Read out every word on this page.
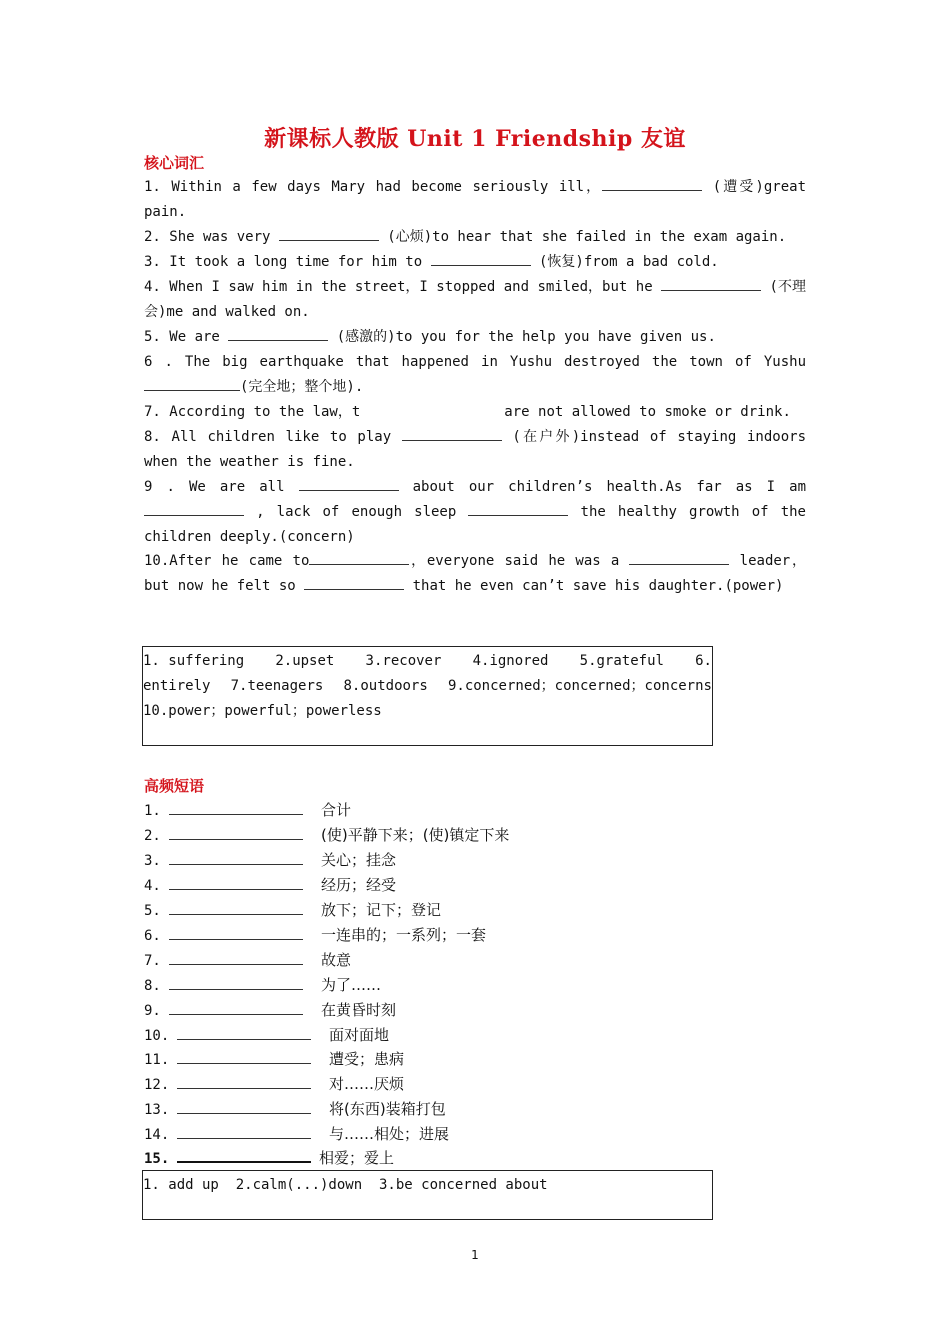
新课标人教版 Unit 1 Friendship 友谊
核心词汇
1. Within a few days Mary had become seriously ill，	(遭受)great pain.
2. She was very	(心烦)to hear that she failed in the exam again.
3. It took a long time for him to	(恢复)from a bad cold.
4. When I saw him in the street，I stopped and smiled，but he	(不理会)me and walked on.
5. We are	(感激的)to you for the help you have given us.
6 . The big earthquake that happened in Yushu destroyed the town of Yushu (完全地；整个地).
7. According to the law，t	are not allowed to smoke or drink.
8. All children like to play	(在户外)instead of staying indoors when the weather is fine.
9 . We are all	about our children’s health.As far as I am  , lack of enough sleep	the healthy growth of the children deeply.(concern)
10.After he came to	，everyone said he was a	leader，but now he felt so	that he even can’t save his daughter.(power)
1. suffering 2.upset 3.recover 4.ignored 5.grateful 6.
entirely 7.teenagers 8.outdoors 9.concerned；concerned；concerns
10.power；powerful；powerless
高频短语
1.	合计
2.	(使)平静下来；(使)镇定下来
3.	关心；挂念
4.	经历；经受
5.	放下；记下；登记
6.	一连串的；一系列；一套
7.	故意
8.	为了……
9.	在黄昏时刻
10.	面对面地
11.	遭受；患病
12.	对……厌烦
13.	将(东西)装箱打包
14.	与……相处；进展
15.	相爱；爱上
1. add up  2.calm(...)down  3.be concerned about
1
